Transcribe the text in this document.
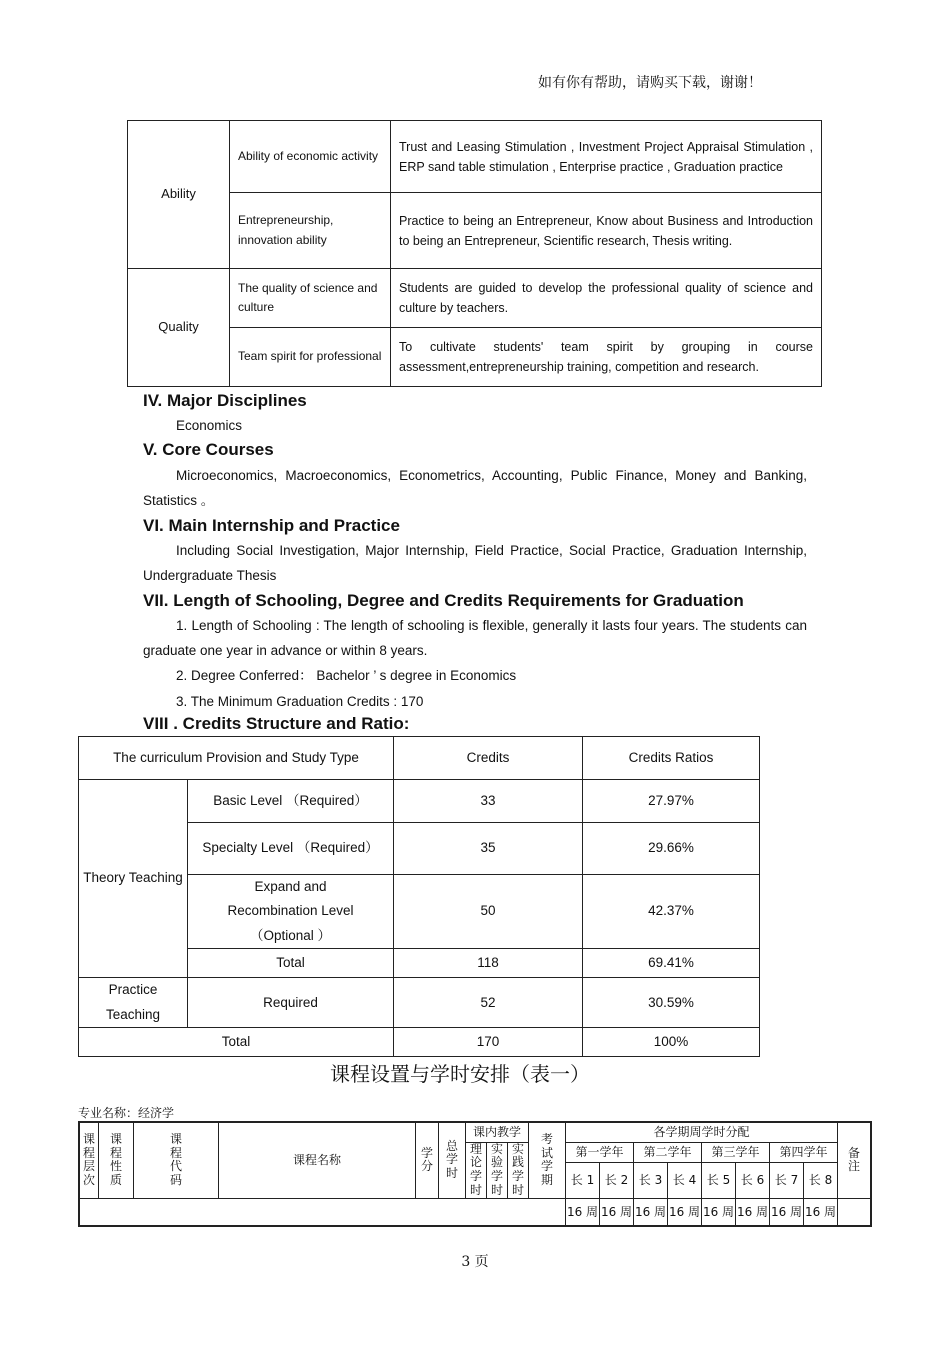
如有你有帮助，请购买下载，谢谢！
Ability	Ability of economic activity	Trust and Leasing Stimulation , Investment Project Appraisal Stimulation , ERP sand table stimulation , Enterprise practice , Graduation practice
	Entrepreneurship, innovation ability	Practice to being an Entrepreneur, Know about Business and Introduction to being an Entrepreneur, Scientific research, Thesis writing.
Quality	The quality of science and culture	Students are guided to develop the professional quality of science and culture by teachers.
	Team spirit for professional	To cultivate students' team spirit by grouping in course assessment,entrepreneurship training, competition and research.
IV. Major Disciplines
Economics
V. Core Courses
Microeconomics, Macroeconomics, Econometrics, Accounting, Public Finance, Money and Banking, Statistics 。
VI. Main Internship and Practice
Including Social Investigation, Major Internship, Field Practice, Social Practice, Graduation Internship, Undergraduate Thesis
VII. Length of Schooling, Degree and Credits Requirements for Graduation
1. Length of Schooling : The length of schooling is flexible, generally it lasts four years. The students can graduate one year in advance or within 8 years.
2. Degree Conferred： Bachelor ’ s degree in Economics
3. The Minimum Graduation Credits : 170
VIII . Credits Structure and Ratio:
The curriculum Provision and Study Type		Credits	Credits Ratios
Theory Teaching	Basic Level （Required）	33	27.97%
	Specialty Level （Required）	35	29.66%
	Expand and Recombination Level （Optional ）	50	42.37%
	Total	118	69.41%
Practice Teaching	Required	52	30.59%
Total		170	100%
课程设置与学时安排（表一）
专业名称：经济学
课程层次	课程性质	课程代码	课程名称	学分	总学时	课内教学			考试学期	各学期周学时分配								备注
						理论学时	实验学时	实践学时		第一学年		第二学年		第三学年		第四学年		
										长 1	长 2	长 3	长 4	长 5	长 6	长 7	长 8	
										16 周	16 周	16 周	16 周	16 周	16 周	16 周	16 周	
3 页
